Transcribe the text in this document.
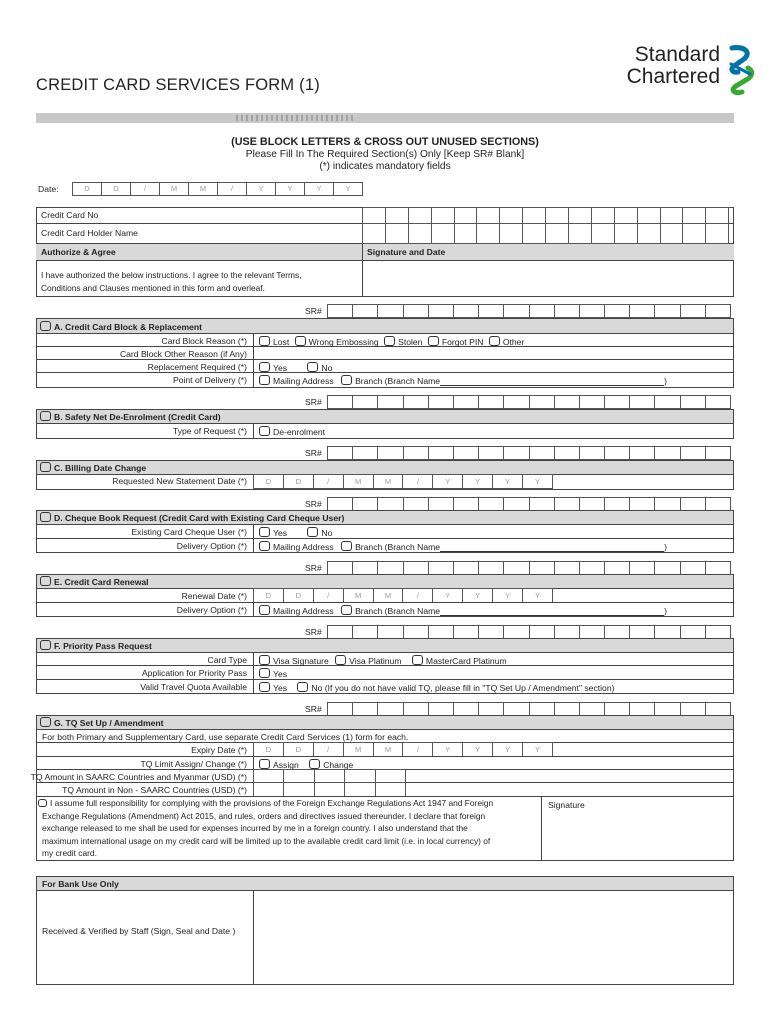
CREDIT CARD SERVICES FORM (1)
Standard
Chartered
(USE BLOCK LETTERS & CROSS OUT UNUSED SECTIONS)
Please Fill In The Required Section(s) Only [Keep SR# Blank]
(*) indicates mandatory fields
Date:	D	D	/	M	M	/	Y	Y	Y	Y
Credit Card No
Credit Card Holder Name
Authorize & Agree	Signature and Date
I have authorized the below instructions. I agree to the relevant Terms,
Conditions and Clauses mentioned in this form and overleaf.
SR#
A. Credit Card Block & Replacement
Card Block Reason (*)	Lost Wrong Embossing Stolen Forgot PIN Other
Card Block Other Reason (if Any)
Replacement Required (*)	Yes	No
Point of Delivery (*)	Mailing Address Branch (Branch Name	)
SR#
B. Safety Net De-Enrolment (Credit Card)
Type of Request (*)	De-enrolment
SR#
C. Billing Date Change
Requested New Statement Date (*)	D	D	/	M	M	/	Y	Y	Y	Y
SR#
D. Cheque Book Request (Credit Card with Existing Card Cheque User)
Existing Card Cheque User (*)	Yes	No
Delivery Option (*)	Mailing Address Branch (Branch Name	)
SR#
E. Credit Card Renewal
Renewal Date (*)	D	D	/	M	M	/	Y	Y	Y	Y
Delivery Option (*)	Mailing Address Branch (Branch Name	)
SR#
F. Priority Pass Request
Card Type	Visa Signature Visa Platinum	MasterCard Platinum
Application for Priority Pass	Yes
Valid Travel Quota Available	Yes	No (If you do not have valid TQ, please fill in "TQ Set Up / Amendment" section)
SR#
G. TQ Set Up / Amendment
For both Primary and Supplementary Card, use separate Credit Card Services (1) form for each.
Expiry Date (*)	D	D	/	M	M	/	Y	Y	Y	Y
TQ Limit Assign/ Change (*)	Assign	Change
TQ Amount in SAARC Countries and Myanmar (USD) (*)
TQ Amount in Non - SAARC Countries (USD) (*)
I assume full responsibility for complying with the provisions of the Foreign Exchange Regulations Act 1947 and Foreign
Exchange Regulations (Amendment) Act 2015, and rules, orders and directives issued thereunder. I declare that foreign
exchange released to me shall be used for expenses incurred by me in a foreign country. I also understand that the
maximum international usage on my credit card will be limited up to the available credit card limit (i.e. in local currency) of
my credit card.
Signature
For Bank Use Only
Received & Verified by Staff (Sign, Seal and Date )
